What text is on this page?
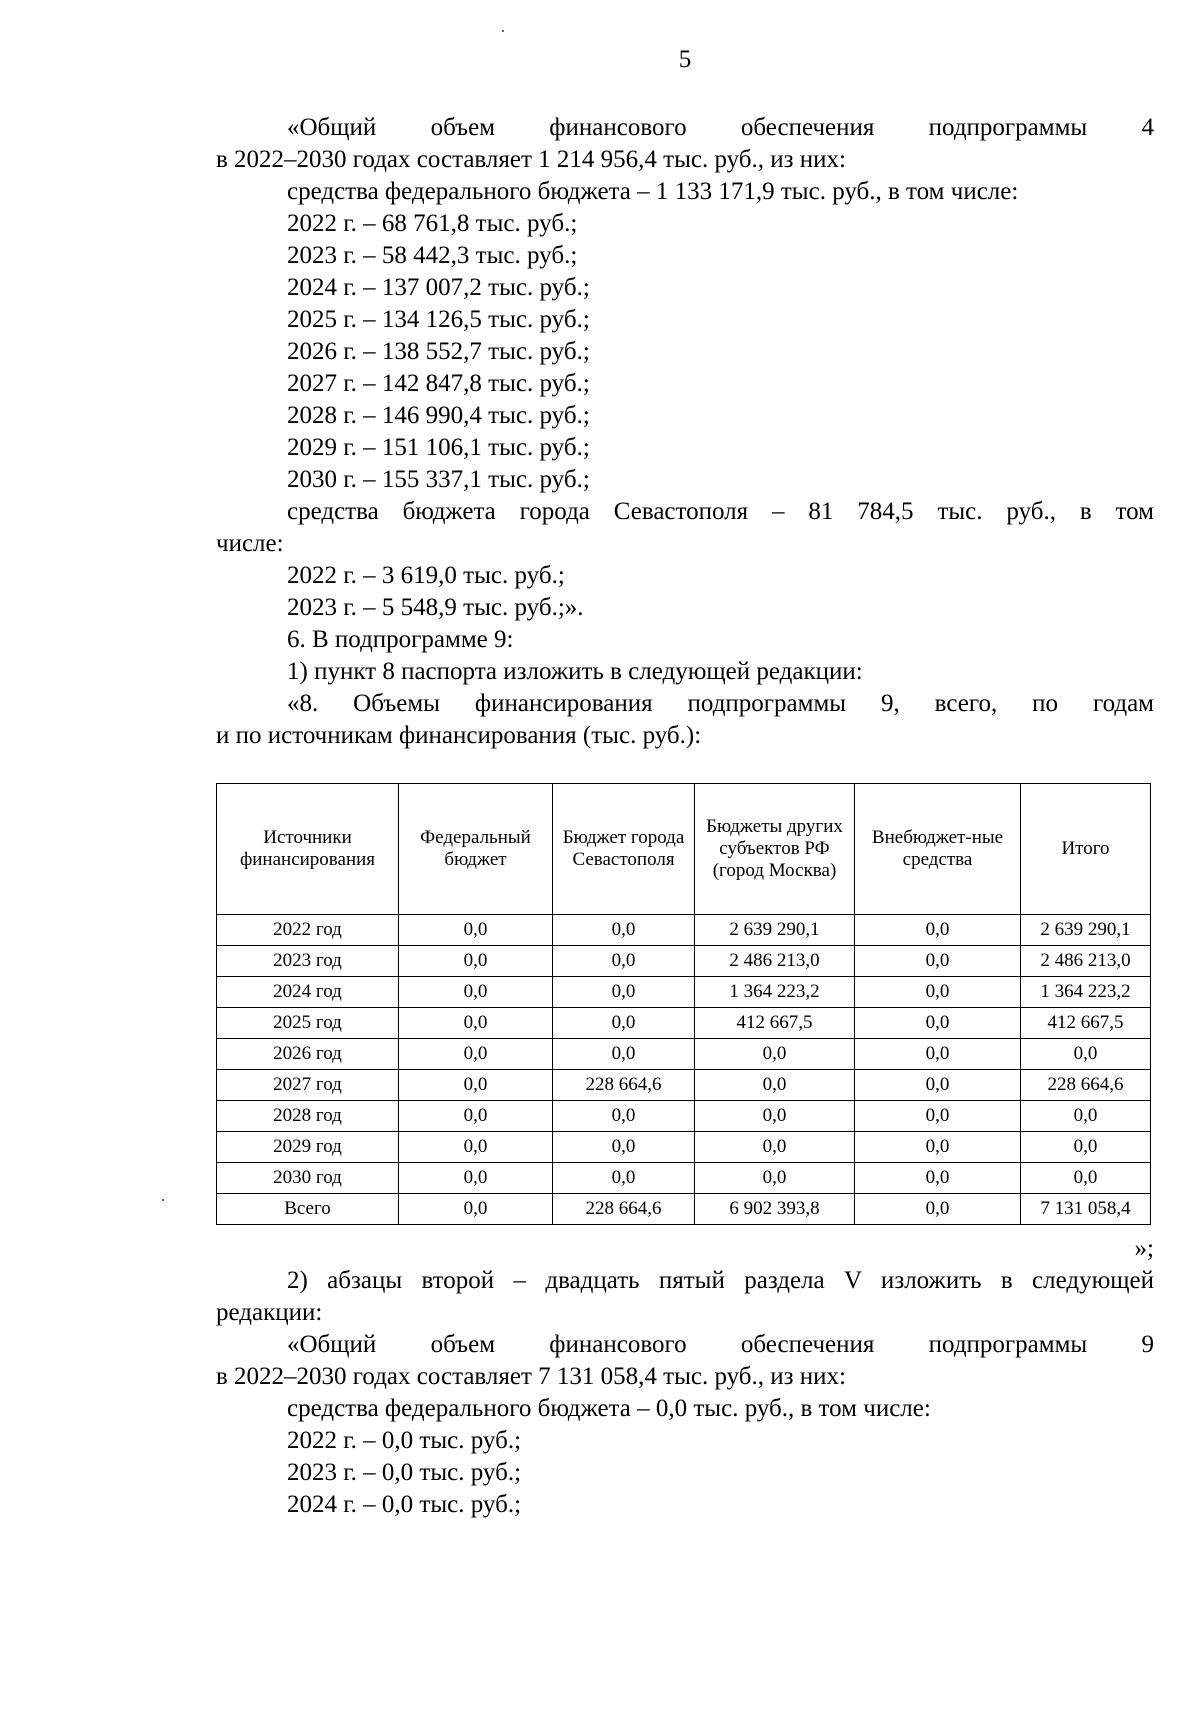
5

«Общий объем финансового обеспечения подпрограммы 4

в 2022–2030 годах составляет 1 214 956,4 тыс. руб., из них:

средства федерального бюджета – 1 133 171,9 тыс. руб., в том числе:

2022 г. – 68 761,8 тыс. руб.;

2023 г. – 58 442,3 тыс. руб.;

2024 г. – 137 007,2 тыс. руб.;

2025 г. – 134 126,5 тыс. руб.;

2026 г. – 138 552,7 тыс. руб.;

2027 г. – 142 847,8 тыс. руб.;

2028 г. – 146 990,4 тыс. руб.;

2029 г. – 151 106,1 тыс. руб.;

2030 г. – 155 337,1 тыс. руб.;

средства бюджета города Севастополя – 81 784,5 тыс. руб., в том

числе:

2022 г. – 3 619,0 тыс. руб.;

2023 г. – 5 548,9 тыс. руб.;».

6. В подпрограмме 9:

1) пункт 8 паспорта изложить в следующей редакции:

«8. Объемы финансирования подпрограммы 9, всего, по годам

и по источникам финансирования (тыс. руб.):

Источники финансирования	Федеральный бюджет	Бюджет города Севастополя	Бюджеты других субъектов РФ (город Москва)	Внебюджет-ные средства	Итого
2022 год	0,0	0,0	2 639 290,1	0,0	2 639 290,1
2023 год	0,0	0,0	2 486 213,0	0,0	2 486 213,0
2024 год	0,0	0,0	1 364 223,2	0,0	1 364 223,2
2025 год	0,0	0,0	412 667,5	0,0	412 667,5
2026 год	0,0	0,0	0,0	0,0	0,0
2027 год	0,0	228 664,6	0,0	0,0	228 664,6
2028 год	0,0	0,0	0,0	0,0	0,0
2029 год	0,0	0,0	0,0	0,0	0,0
2030 год	0,0	0,0	0,0	0,0	0,0
Всего	0,0	228 664,6	6 902 393,8	0,0	7 131 058,4
»;

2) абзацы второй – двадцать пятый раздела V изложить в следующей

редакции:

«Общий объем финансового обеспечения подпрограммы 9

в 2022–2030 годах составляет 7 131 058,4 тыс. руб., из них:

средства федерального бюджета – 0,0 тыс. руб., в том числе:

2022 г. – 0,0 тыс. руб.;

2023 г. – 0,0 тыс. руб.;

2024 г. – 0,0 тыс. руб.;
